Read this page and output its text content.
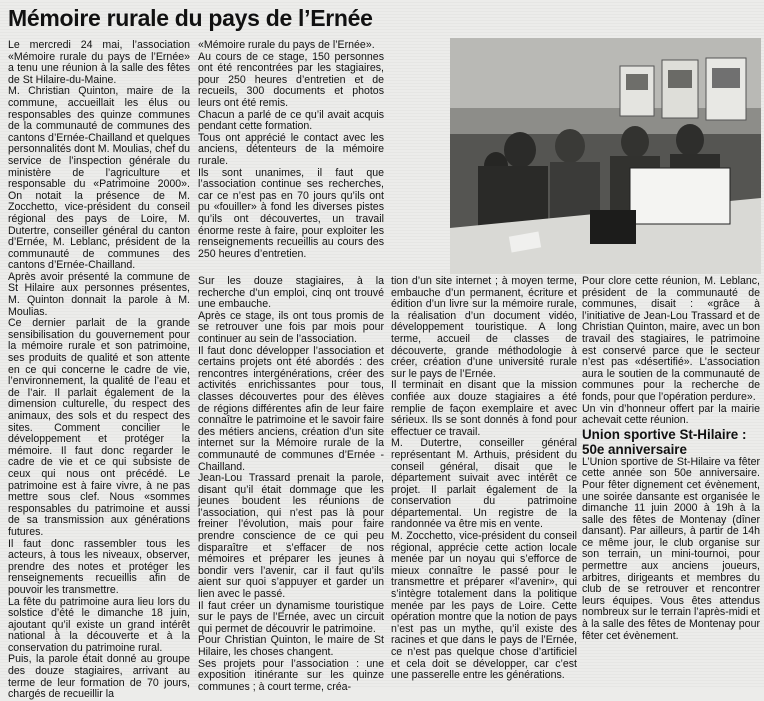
Mémoire rurale du pays de l’Ernée

Le mercredi 24 mai, l’association «Mémoire rurale du pays de l’Ernée» a tenu une réunion à la salle des fêtes de St Hilaire-du-Maine.

M. Christian Quinton, maire de la commune, accueillait les élus ou responsables des quinze communes de la communauté de communes des cantons d’Ernée-Chailland et quelques personnalités dont M. Moulias, chef du service de l’inspection générale du ministère de l’agriculture et responsable du «Patrimoine 2000». On notait la présence de M. Zocchetto, vice-président du conseil régional des pays de Loire, M. Dutertre, conseiller général du canton d’Ernée, M. Leblanc, président de la communauté de communes des cantons d’Ernée-Chailland.

Après avoir présenté la commune de St Hilaire aux personnes présentes, M. Quinton donnait la parole à M. Moulias.

Ce dernier parlait de la grande sensibilisation du gouvernement pour la mémoire rurale et son patrimoine, ses produits de qualité et son attente en ce qui concerne le cadre de vie, l’environnement, la qualité de l’eau et de l’air. Il parlait également de la dimension culturelle, du respect des animaux, des sols et du respect des sites. Comment concilier le développement et protéger la mémoire. Il faut donc regarder le cadre de vie et ce qui subsiste de ceux qui nous ont précédé. Le patrimoine est à faire vivre, à ne pas mettre sous clef. Nous «sommes responsables du patrimoine et aussi de sa transmission aux générations futures.

Il faut donc rassembler tous les acteurs, à tous les niveaux, observer, prendre des notes et protéger les renseignements recueillis afin de pouvoir les transmettre.

La fête du patrimoine aura lieu lors du solstice d’été le dimanche 18 juin, ajoutant qu’il existe un grand intérêt national à la découverte et à la conservation du patrimoine rural.

Puis, la parole était donné au groupe des douze stagiaires, arrivant au terme de leur formation de 70 jours, chargés de recueillir la

«Mémoire rurale du pays de l’Ernée».

Au cours de ce stage, 150 personnes ont été rencontrées par les stagiaires, pour 250 heures d’entretien et de recueils, 300 documents et photos leurs ont été remis.

Chacun a parlé de ce qu’il avait acquis pendant cette formation.

Tous ont apprécié le contact avec les anciens, détenteurs de la mémoire rurale.

Ils sont unanimes, il faut que l’association continue ses recherches, car ce n’est pas en 70 jours qu’ils ont pu «fouiller» à fond les diverses pistes qu’ils ont découvertes, un travail énorme reste à faire, pour exploiter les renseignements recueillis au cours des 250 heures d’entretien.

Sur les douze stagiaires, à la recherche d’un emploi, cinq ont trouvé une embauche.

Après ce stage, ils ont tous promis de se retrouver une fois par mois pour continuer au sein de l’association.

Il faut donc développer l’association et certains projets ont été abordés : des rencontres intergénérations, créer des activités enrichissantes pour tous, classes découvertes pour des élèves de régions différentes afin de leur faire connaître le patrimoine et le savoir faire des métiers anciens, création d’un site internet sur la Mémoire rurale de la communauté de communes d’Ernée - Chailland.

Jean-Lou Trassard prenait la parole, disant qu’il était dommage que les jeunes boudent les réunions de l’association, qui n’est pas là pour freiner l’évolution, mais pour faire prendre conscience de ce qui peu disparaître et s’effacer de nos mémoires et préparer les jeunes à bondir vers l’avenir, car il faut qu’ils aient sur quoi s’appuyer et garder un lien avec le passé.

Il faut créer un dynamisme touristique sur le pays de l’Ernée, avec un circuit qui permet de découvrir le patrimoine.

Pour Christian Quinton, le maire de St Hilaire, les choses changent.

Ses projets pour l’association : une exposition itinérante sur les quinze communes ; à court terme, créa-

tion d’un site internet ; à moyen terme, embauche d’un permanent, écriture et édition d’un livre sur la mémoire rurale, la réalisation d’un document vidéo, développement touristique. A long terme, accueil de classes de découverte, grande méthodologie à créer, création d’une université rurale sur le pays de l’Ernée.

Il terminait en disant que la mission confiée aux douze stagiaires a été remplie de façon exemplaire et avec sérieux. Ils se sont donnés à fond pour effectuer ce travail.

M. Dutertre, conseiller général représentant M. Arthuis, président du conseil général, disait que le département suivait avec intérêt ce projet. Il parlait également de la conservation du patrimoine départemental. Un registre de la randonnée va être mis en vente.

M. Zocchetto, vice-président du conseil régional, apprécie cette action locale menée par un noyau qui s’efforce de mieux connaître le passé pour le transmettre et préparer «l’avenir», qui s’intègre totalement dans la politique menée par les pays de Loire. Cette opération montre que la notion de pays n’est pas un mythe, qu’il existe des racines et que dans le pays de l’Ernée, ce n’est pas quelque chose d’artificiel et cela doit se développer, car c’est une passerelle entre les générations.

Pour clore cette réunion, M. Leblanc, président de la communauté de communes, disait : «grâce à l’initiative de Jean-Lou Trassard et de Christian Quinton, maire, avec un bon travail des stagiaires, le patrimoine est conservé parce que le secteur n’est pas «désertifié». L’association aura le soutien de la communauté de communes pour la recherche de fonds, pour que l’opération perdure».

Un vin d’honneur offert par la mairie achevait cette réunion.

Union sportive St-Hilaire : 50e anniversaire

L’Union sportive de St-Hilaire va fêter cette année son 50e anniversaire. Pour fêter dignement cet évènement, une soirée dansante est organisée le dimanche 11 juin 2000 à 19h à la salle des fêtes de Montenay (dîner dansant). Par ailleurs, à partir de 14h ce même jour, le club organise sur son terrain, un mini-tournoi, pour permettre aux anciens joueurs, arbitres, dirigeants et membres du club de se retrouver et rencontrer leurs équipes. Vous êtes attendus nombreux sur le terrain l’après-midi et à la salle des fêtes de Montenay pour fêter cet évènement.
